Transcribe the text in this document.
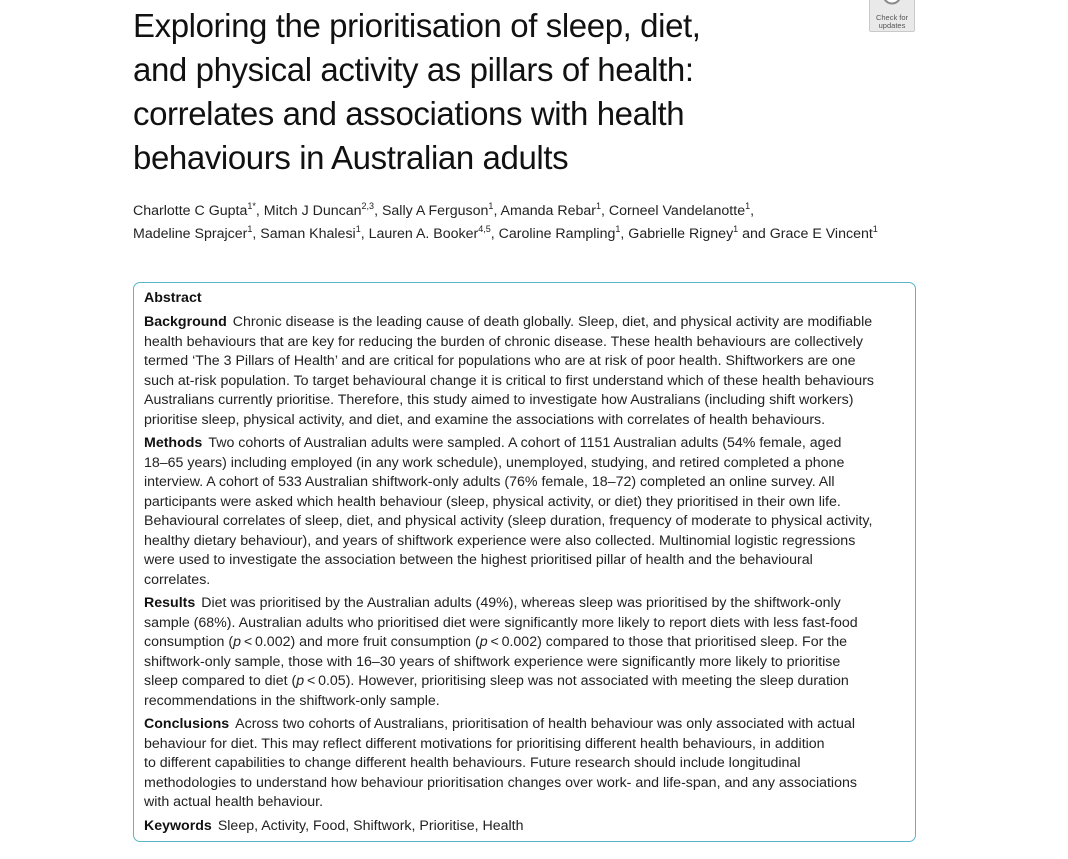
Exploring the prioritisation of sleep, diet,
and physical activity as pillars of health:
correlates and associations with health
behaviours in Australian adults
Check for
updates
Charlotte C Gupta$^{1*}$, Mitch J Duncan$^{2,3}$, Sally A Ferguson$^1$, Amanda Rebar$^1$, Corneel Vandelanotte$^1$,
Madeline Sprajcer$^1$, Saman Khalesi$^1$, Lauren A. Booker$^{4,5}$, Caroline Rampling$^1$, Gabrielle Rigney$^1$ and Grace E Vincent$^1$
Abstract
Background Chronic disease is the leading cause of death globally. Sleep, diet, and physical activity are modifiable
health behaviours that are key for reducing the burden of chronic disease. These health behaviours are collectively
termed ‘The 3 Pillars of Health’ and are critical for populations who are at risk of poor health. Shiftworkers are one
such at-risk population. To target behavioural change it is critical to first understand which of these health behaviours
Australians currently prioritise. Therefore, this study aimed to investigate how Australians (including shift workers)
prioritise sleep, physical activity, and diet, and examine the associations with correlates of health behaviours.
Methods Two cohorts of Australian adults were sampled. A cohort of 1151 Australian adults (54% female, aged
18–65 years) including employed (in any work schedule), unemployed, studying, and retired completed a phone
interview. A cohort of 533 Australian shiftwork-only adults (76% female, 18–72) completed an online survey. All
participants were asked which health behaviour (sleep, physical activity, or diet) they prioritised in their own life.
Behavioural correlates of sleep, diet, and physical activity (sleep duration, frequency of moderate to physical activity,
healthy dietary behaviour), and years of shiftwork experience were also collected. Multinomial logistic regressions
were used to investigate the association between the highest prioritised pillar of health and the behavioural
correlates.
Results Diet was prioritised by the Australian adults (49%), whereas sleep was prioritised by the shiftwork-only
sample (68%). Australian adults who prioritised diet were significantly more likely to report diets with less fast-food
consumption (p < 0.002) and more fruit consumption (p < 0.002) compared to those that prioritised sleep. For the
shiftwork-only sample, those with 16–30 years of shiftwork experience were significantly more likely to prioritise
sleep compared to diet (p < 0.05). However, prioritising sleep was not associated with meeting the sleep duration
recommendations in the shiftwork-only sample.
Conclusions Across two cohorts of Australians, prioritisation of health behaviour was only associated with actual
behaviour for diet. This may reflect different motivations for prioritising different health behaviours, in addition
to different capabilities to change different health behaviours. Future research should include longitudinal
methodologies to understand how behaviour prioritisation changes over work- and life-span, and any associations
with actual health behaviour.
Keywords Sleep, Activity, Food, Shiftwork, Prioritise, Health
